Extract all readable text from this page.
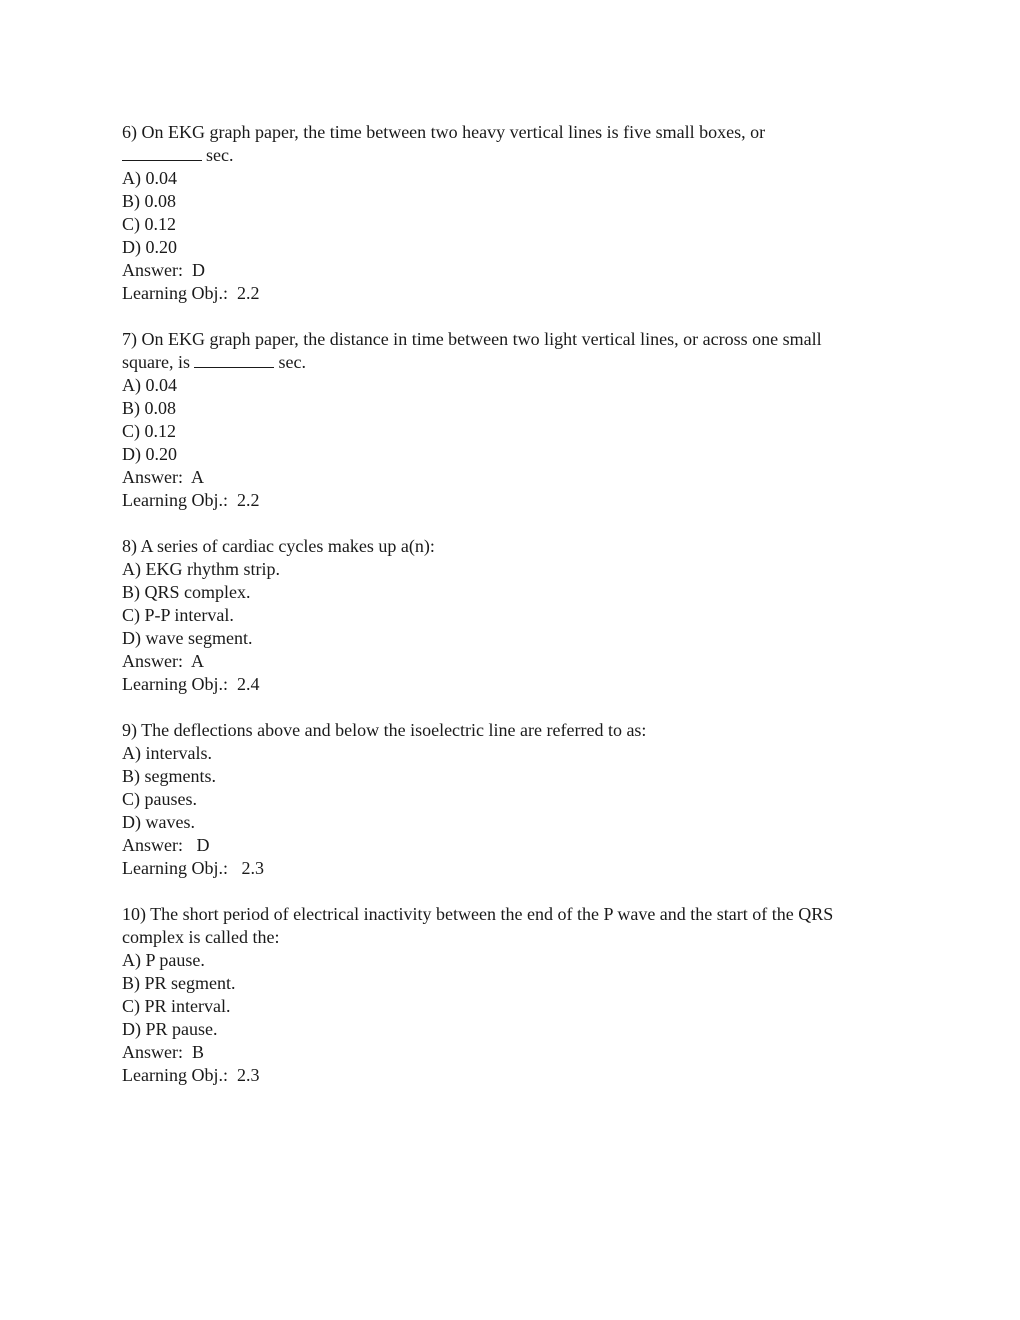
6) On EKG graph paper, the time between two heavy vertical lines is five small boxes, or
sec.
A) 0.04
B) 0.08
C) 0.12
D) 0.20
Answer:  D
Learning Obj.:  2.2
7) On EKG graph paper, the distance in time between two light vertical lines, or across one small
square, is	sec.
A) 0.04
B) 0.08
C) 0.12
D) 0.20
Answer:  A
Learning Obj.:  2.2
8) A series of cardiac cycles makes up a(n):
A) EKG rhythm strip.
B) QRS complex.
C) P-P interval.
D) wave segment.
Answer:  A
Learning Obj.:  2.4
9) The deflections above and below the isoelectric line are referred to as:
A) intervals.
B) segments.
C) pauses.
D) waves.
Answer:   D
Learning Obj.:   2.3
10) The short period of electrical inactivity between the end of the P wave and the start of the QRS
complex is called the:
A) P pause.
B) PR segment.
C) PR interval.
D) PR pause.
Answer:  B
Learning Obj.:  2.3
